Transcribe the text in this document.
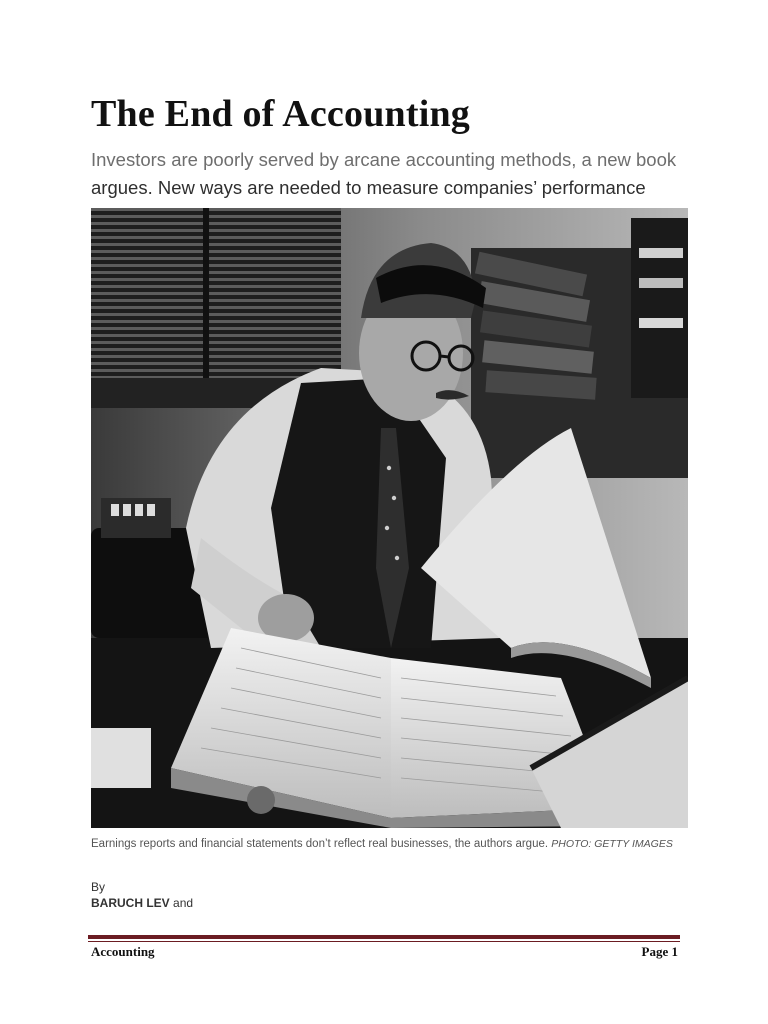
The End of Accounting
Investors are poorly served by arcane accounting methods, a new book argues. New ways are needed to measure companies’ performance
Earnings reports and financial statements don’t reflect real businesses, the authors argue. PHOTO: GETTY IMAGES
By
BARUCH LEV and
Accounting	Page 1
